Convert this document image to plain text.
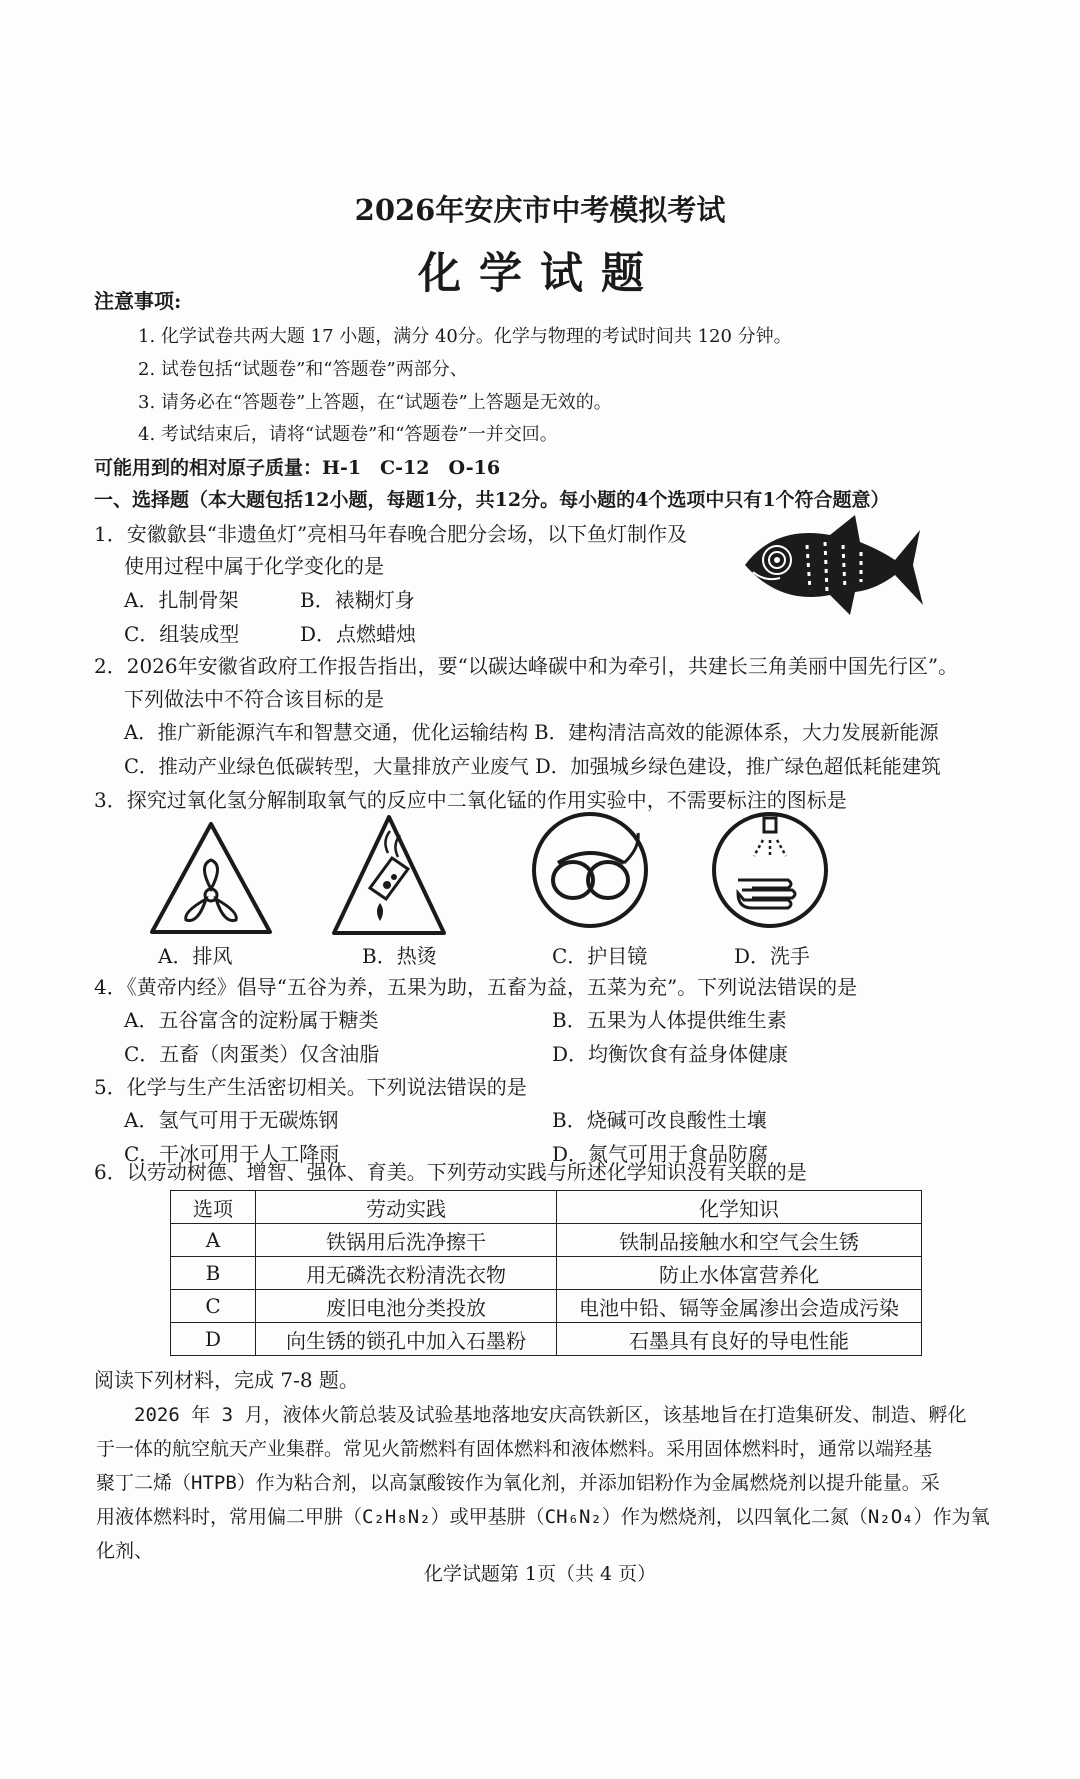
2026年安庆市中考模拟考试
化学试题
注意事项:
1. 化学试卷共两大题 17 小题，满分 40分。化学与物理的考试时间共 120 分钟。
2. 试卷包括“试题卷”和“答题卷”两部分、
3. 请务必在“答题卷”上答题，在“试题卷”上答题是无效的。
4. 考试结束后，请将“试题卷”和“答题卷”一并交回。
可能用到的相对原子质量：H-1　C-12　O-16
一、选择题（本大题包括12小题，每题1分，共12分。每小题的4个选项中只有1个符合题意）
1．安徽歙县“非遗鱼灯”亮相马年春晚合肥分会场，以下鱼灯制作及
使用过程中属于化学变化的是
A．扎制骨架	B．裱糊灯身
C．组装成型	D．点燃蜡烛
2．2026年安徽省政府工作报告指出，要“以碳达峰碳中和为牵引，共建长三角美丽中国先行区”。
下列做法中不符合该目标的是
A．推广新能源汽车和智慧交通，优化运输结构 B．建构清洁高效的能源体系，大力发展新能源
C．推动产业绿色低碳转型，大量排放产业废气 D．加强城乡绿色建设，推广绿色超低耗能建筑
3．探究过氧化氢分解制取氧气的反应中二氧化锰的作用实验中，不需要标注的图标是
A．排风	B．热烫	C．护目镜	D．洗手
4．《黄帝内经》倡导“五谷为养，五果为助，五畜为益，五菜为充”。下列说法错误的是
A．五谷富含的淀粉属于糖类	B．五果为人体提供维生素
C．五畜（肉蛋类）仅含油脂	D．均衡饮食有益身体健康
5．化学与生产生活密切相关。下列说法错误的是
A．氢气可用于无碳炼钢	B．烧碱可改良酸性土壤
C．干冰可用于人工降雨	D．氮气可用于食品防腐
6．以劳动树德、增智、强体、育美。下列劳动实践与所述化学知识没有关联的是
选项	劳动实践	化学知识
A	铁锅用后洗净擦干	铁制品接触水和空气会生锈
B	用无磷洗衣粉清洗衣物	防止水体富营养化
C	废旧电池分类投放	电池中铅、镉等金属渗出会造成污染
D	向生锈的锁孔中加入石墨粉	石墨具有良好的导电性能
阅读下列材料，完成 7-8 题。
　　2026 年 3 月，液体火箭总装及试验基地落地安庆高铁新区，该基地旨在打造集研发、制造、孵化
于一体的航空航天产业集群。常见火箭燃料有固体燃料和液体燃料。采用固体燃料时，通常以端羟基
聚丁二烯（HTPB）作为粘合剂，以高氯酸铵作为氧化剂，并添加铝粉作为金属燃烧剂以提升能量。采
用液体燃料时，常用偏二甲肼（C₂H₈N₂）或甲基肼（CH₆N₂）作为燃烧剂，以四氧化二氮（N₂O₄）作为氧
化剂、
化学试题第 1页（共 4 页）
